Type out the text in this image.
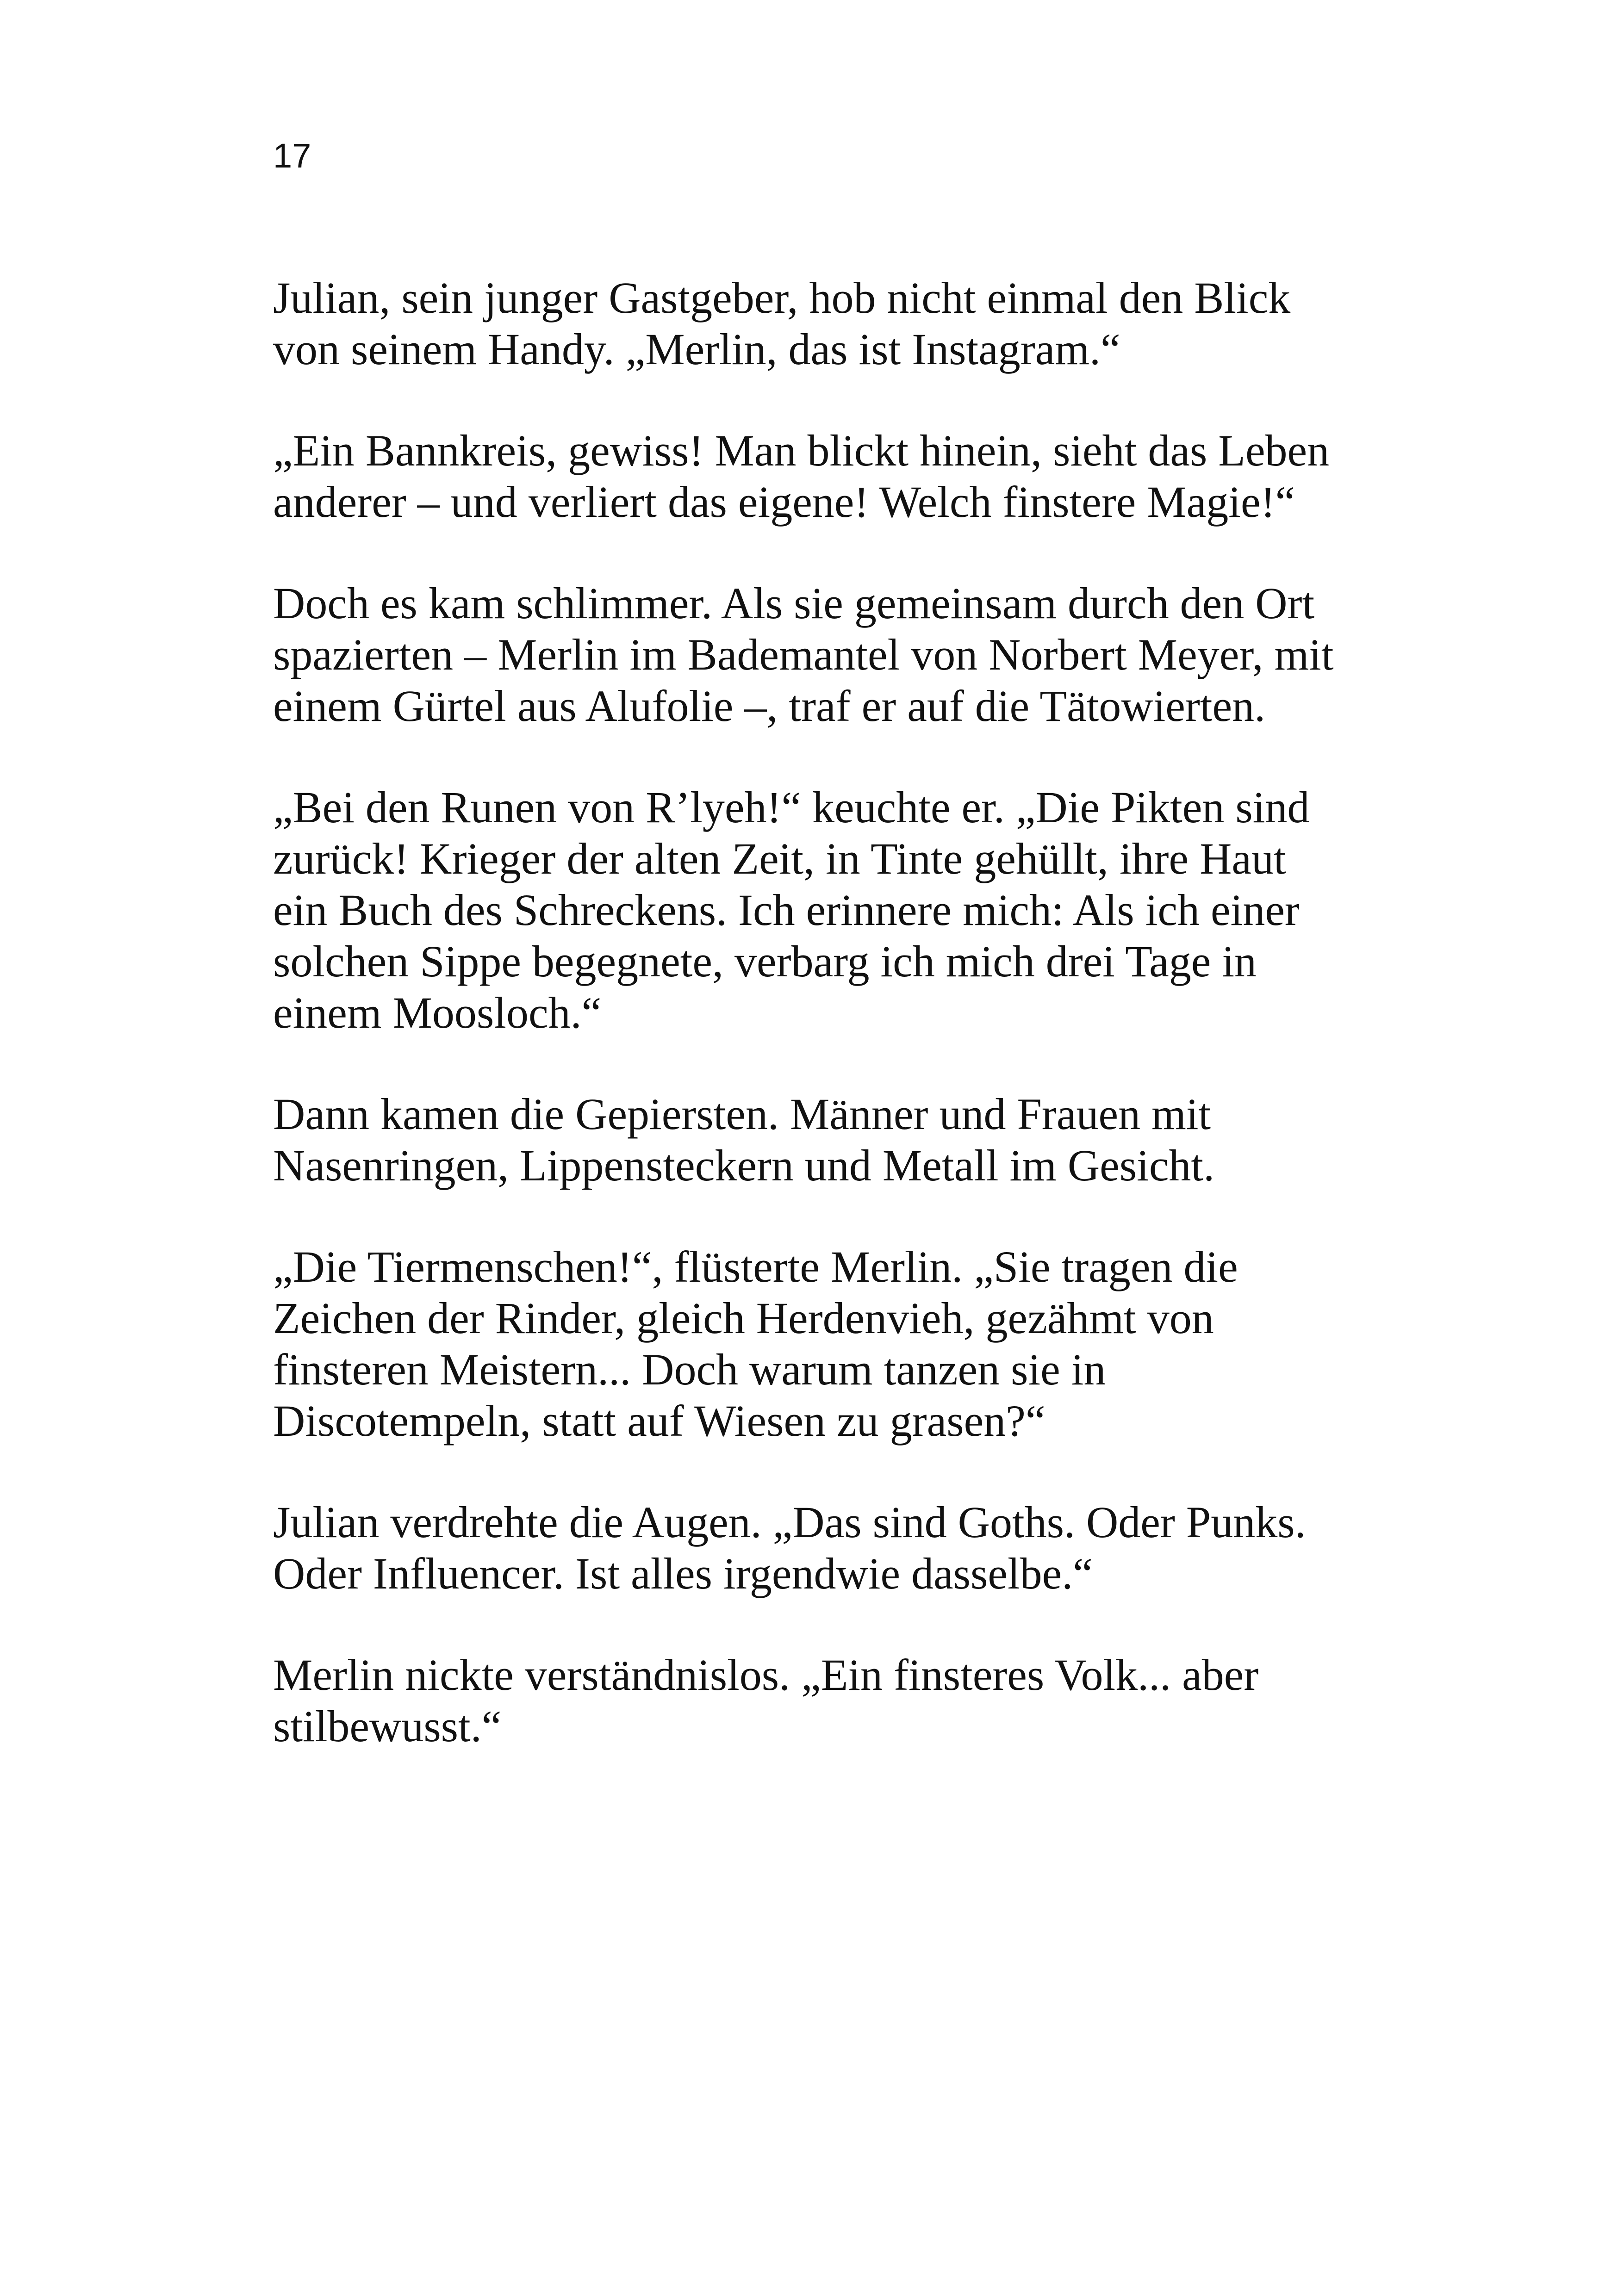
17

Julian, sein junger Gastgeber, hob nicht einmal den Blick
von seinem Handy. „Merlin, das ist Instagram.“

„Ein Bannkreis, gewiss! Man blickt hinein, sieht das Leben
anderer – und verliert das eigene! Welch finstere Magie!“

Doch es kam schlimmer. Als sie gemeinsam durch den Ort
spazierten – Merlin im Bademantel von Norbert Meyer, mit
einem Gürtel aus Alufolie –, traf er auf die Tätowierten.

„Bei den Runen von R’lyeh!“ keuchte er. „Die Pikten sind
zurück! Krieger der alten Zeit, in Tinte gehüllt, ihre Haut
ein Buch des Schreckens. Ich erinnere mich: Als ich einer
solchen Sippe begegnete, verbarg ich mich drei Tage in
einem Moosloch.“

Dann kamen die Gepiersten. Männer und Frauen mit
Nasenringen, Lippensteckern und Metall im Gesicht.

„Die Tiermenschen!“, flüsterte Merlin. „Sie tragen die
Zeichen der Rinder, gleich Herdenvieh, gezähmt von
finsteren Meistern... Doch warum tanzen sie in
Discotempeln, statt auf Wiesen zu grasen?“

Julian verdrehte die Augen. „Das sind Goths. Oder Punks.
Oder Influencer. Ist alles irgendwie dasselbe.“

Merlin nickte verständnislos. „Ein finsteres Volk... aber
stilbewusst.“
